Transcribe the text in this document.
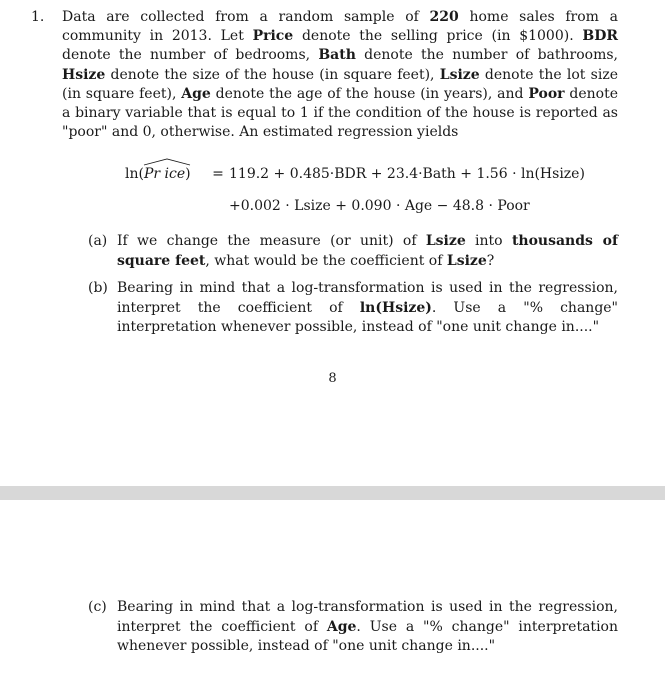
1. Data are collected from a random sample of 220 home sales from a community in 2013. Let Price denote the selling price (in $1000). BDR denote the number of bedrooms, Bath denote the number of bathrooms, Hsize denote the size of the house (in square feet), Lsize denote the lot size (in square feet), Age denote the age of the house (in years), and Poor denote a binary variable that is equal to 1 if the condition of the house is reported as "poor" and 0, otherwise. An estimated regression yields
ln(Pr ice)	= 119.2 + 0.485·BDR + 23.4·Bath + 1.56 · ln(Hsize)
+0.002 · Lsize + 0.090 · Age − 48.8 · Poor
(a) If we change the measure (or unit) of Lsize into thousands of square feet, what would be the coefficient of Lsize?
(b) Bearing in mind that a log-transformation is used in the regression, interpret the coefficient of ln(Hsize). Use a "% change" interpretation whenever possible, instead of "one unit change in...."
8
(c) Bearing in mind that a log-transformation is used in the regression, interpret the coefficient of Age. Use a "% change" interpretation whenever possible, instead of "one unit change in...."
